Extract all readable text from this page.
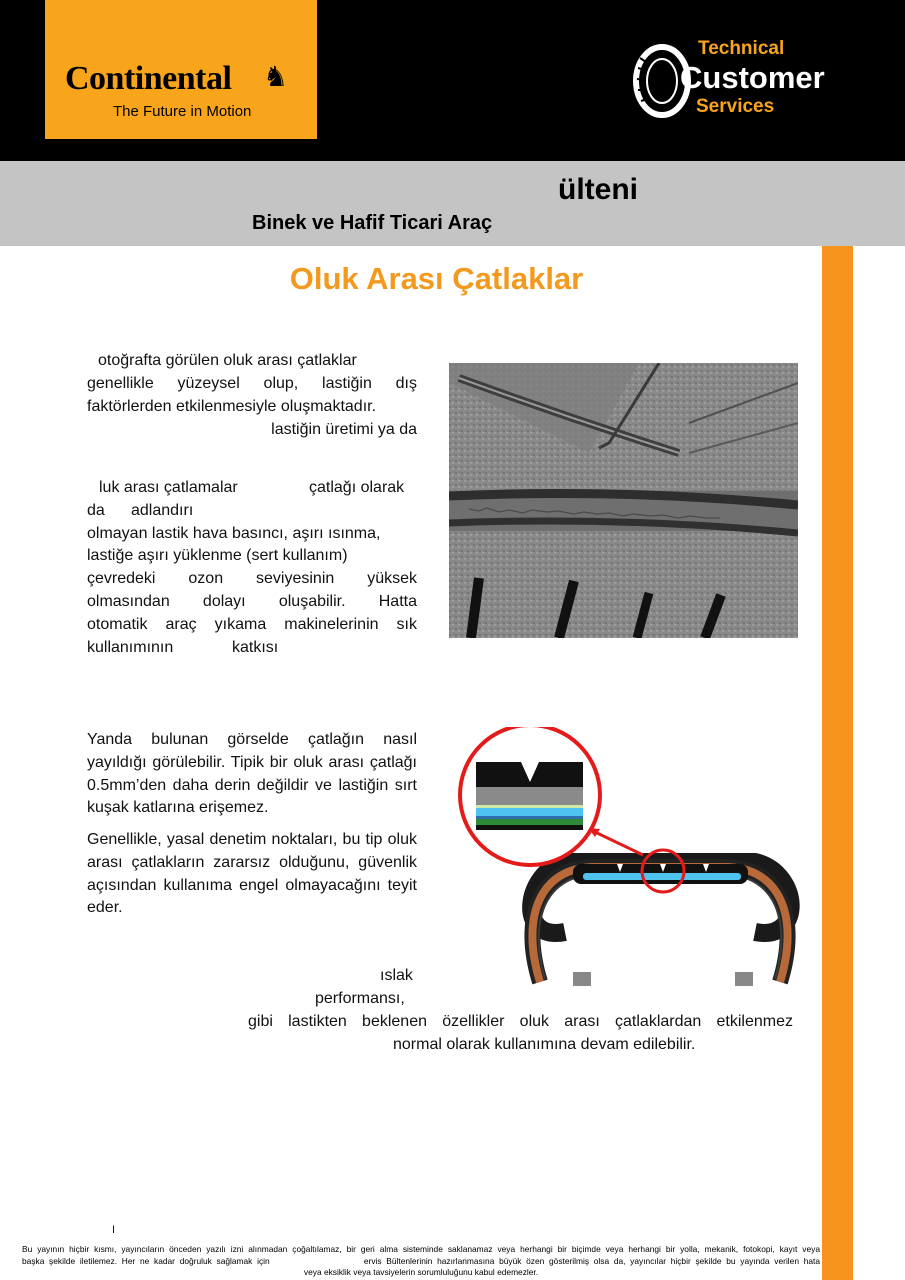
Continental ♞
The Future in Motion
Technical
Customer
Services
ülteni
Binek ve Hafif Ticari Araç
Oluk Arası Çatlaklar
otoğrafta görülen oluk arası çatlaklar
genellikle yüzeysel olup, lastiğin dış
faktörlerden etkilenmesiyle oluşmaktadır.
lastiğin üretimi ya da
luk arası çatlamalar	çatlağı olarak
da adlandırı
olmayan lastik hava basıncı, aşırı ısınma,
lastiğe aşırı yüklenme (sert kullanım)
çevredeki ozon seviyesinin yüksek
olmasından dolayı oluşabilir. Hatta
otomatik araç yıkama makinelerinin sık
kullanımının	katkısı
Yanda bulunan görselde çatlağın nasıl yayıldığı görülebilir. Tipik bir oluk arası çatlağı 0.5mm’den daha derin değildir ve lastiğin sırt kuşak katlarına erişemez.
Genellikle, yasal denetim noktaları, bu tip oluk arası çatlakların zararsız olduğunu, güvenlik açısından kullanıma engel olmayacağını teyit eder.
ıslak
performansı,
gibi lastikten beklenen özellikler oluk arası çatlaklardan etkilenmez
normal olarak kullanımına devam edilebilir.
I
Bu yayının hiçbir kısmı, yayıncıların önceden yazılı izni alınmadan çoğaltılamaz, bir geri alma sisteminde saklanamaz veya herhangi bir biçimde veya herhangi bir yolla, mekanik, fotokopi, kayıt veya
başka şekilde iletilemez. Her ne kadar doğruluk sağlamak için                    ervis Bültenlerinin hazırlanmasına büyük özen gösterilmiş olsa da, yayıncılar hiçbir şekilde bu yayında verilen hata
veya eksiklik veya tavsiyelerin sorumluluğunu kabul edemezler.
